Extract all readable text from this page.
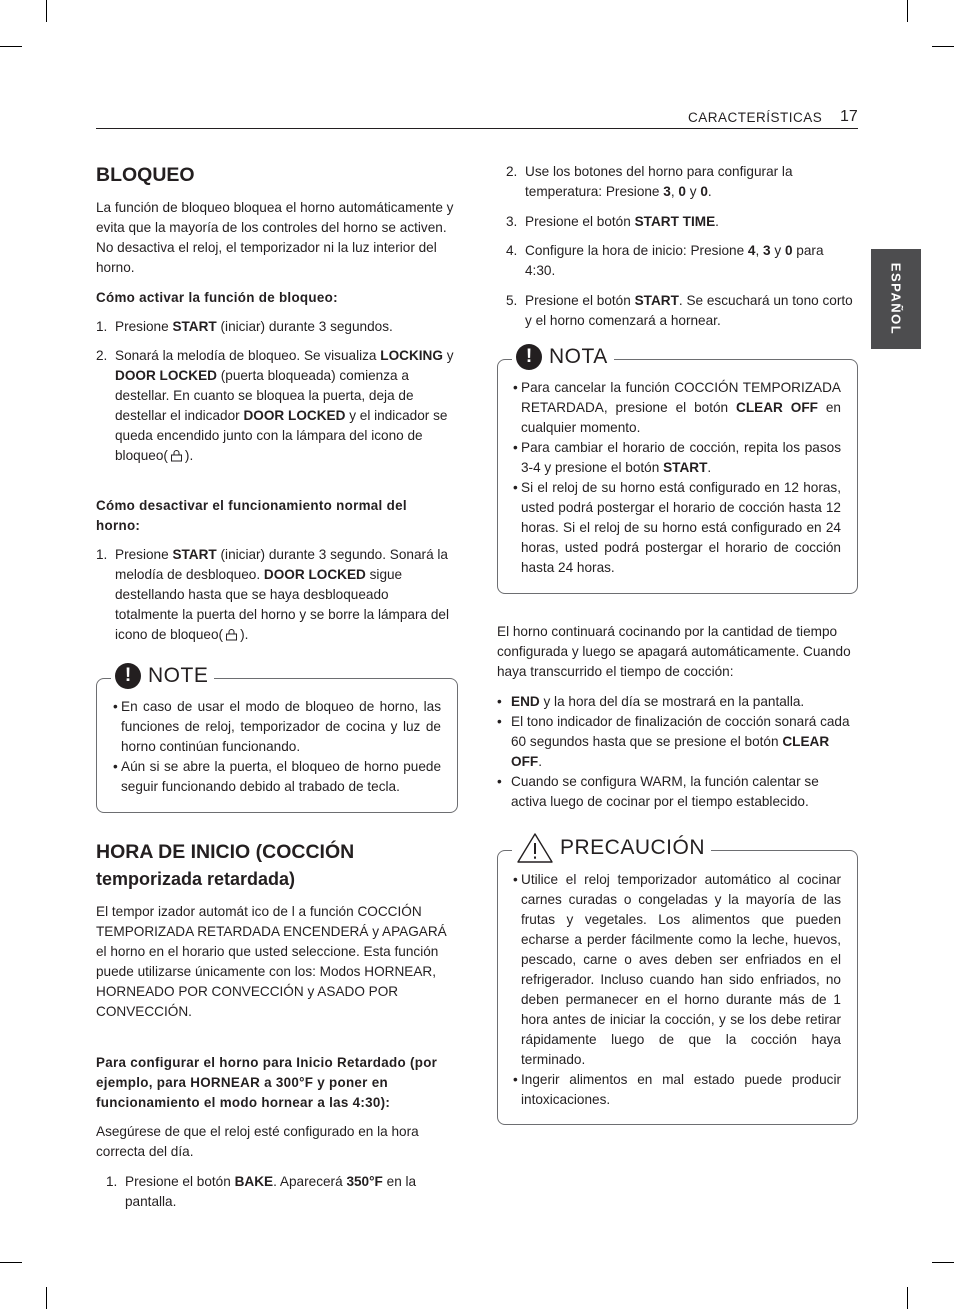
CARACTERÍSTICAS 17
ESPAÑOL
BLOQUEO

La función de bloqueo bloquea el horno automáticamente y evita que la mayoría de los controles del horno se activen. No desactiva el reloj, el temporizador ni la luz interior del horno.

Cómo activar la función de bloqueo:
1. Presione START (iniciar) durante 3 segundos.
2. Sonará la melodía de bloqueo. Se visualiza LOCKING y DOOR LOCKED (puerta bloqueada) comienza a destellar. En cuanto se bloquea la puerta, deja de destellar el indicador DOOR LOCKED y el indicador se queda encendido junto con la lámpara del icono de bloqueo( ).
Cómo desactivar el funcionamiento normal del horno:
1. Presione START (iniciar) durante 3 segundo. Sonará la melodía de desbloqueo. DOOR LOCKED sigue destellando hasta que se haya desbloqueado totalmente la puerta del horno y se borre la lámpara del icono de bloqueo( ).
! NOTE
• En caso de usar el modo de bloqueo de horno, las funciones de reloj, temporizador de cocina y luz de horno continúan funcionando.
• Aún si se abre la puerta, el bloqueo de horno puede seguir funcionando debido al trabado de tecla.
HORA DE INICIO (COCCIÓN
temporizada retardada)

El tempor izador automát ico de l a función COCCIÓN TEMPORIZADA RETARDADA ENCENDERÁ y APAGARÁ el horno en el horario que usted seleccione. Esta función puede utilizarse únicamente con los: Modos HORNEAR, HORNEADO POR CONVECCIÓN y ASADO POR CONVECCIÓN.

Para configurar el horno para Inicio Retardado (por ejemplo, para HORNEAR a 300°F y poner en funcionamiento el modo hornear a las 4:30):

Asegúrese de que el reloj esté configurado en la hora correcta del día.

1. Presione el botón BAKE. Aparecerá 350°F en la pantalla.
2. Use los botones del horno para configurar la temperatura: Presione 3, 0 y 0.
3. Presione el botón START TIME.
4. Configure la hora de inicio: Presione 4, 3 y 0 para 4:30.
5. Presione el botón START. Se escuchará un tono corto y el horno comenzará a hornear.
! NOTA
• Para cancelar la función COCCIÓN TEMPORIZADA RETARDADA, presione el botón CLEAR OFF en cualquier momento.
• Para cambiar el horario de cocción, repita los pasos 3-4 y presione el botón START.
• Si el reloj de su horno está configurado en 12 horas, usted podrá postergar el horario de cocción hasta 12 horas. Si el reloj de su horno está configurado en 24 horas, usted podrá postergar el horario de cocción hasta 24 horas.

El horno continuará cocinando por la cantidad de tiempo configurada y luego se apagará automáticamente. Cuando haya transcurrido el tiempo de cocción:

• END y la hora del día se mostrará en la pantalla.
• El tono indicador de finalización de cocción sonará cada 60 segundos hasta que se presione el botón CLEAR OFF.
• Cuando se configura WARM, la función calentar se activa luego de cocinar por el tiempo establecido.
PRECAUCIÓN
• Utilice el reloj temporizador automático al cocinar carnes curadas o congeladas y la mayoría de las frutas y vegetales. Los alimentos que pueden echarse a perder fácilmente como la leche, huevos, pescado, carne o aves deben ser enfriados en el refrigerador. Incluso cuando han sido enfriados, no deben permanecer en el horno durante más de 1 hora antes de iniciar la cocción, y se los debe retirar rápidamente luego de que la cocción haya terminado.
• Ingerir alimentos en mal estado puede producir intoxicaciones.
